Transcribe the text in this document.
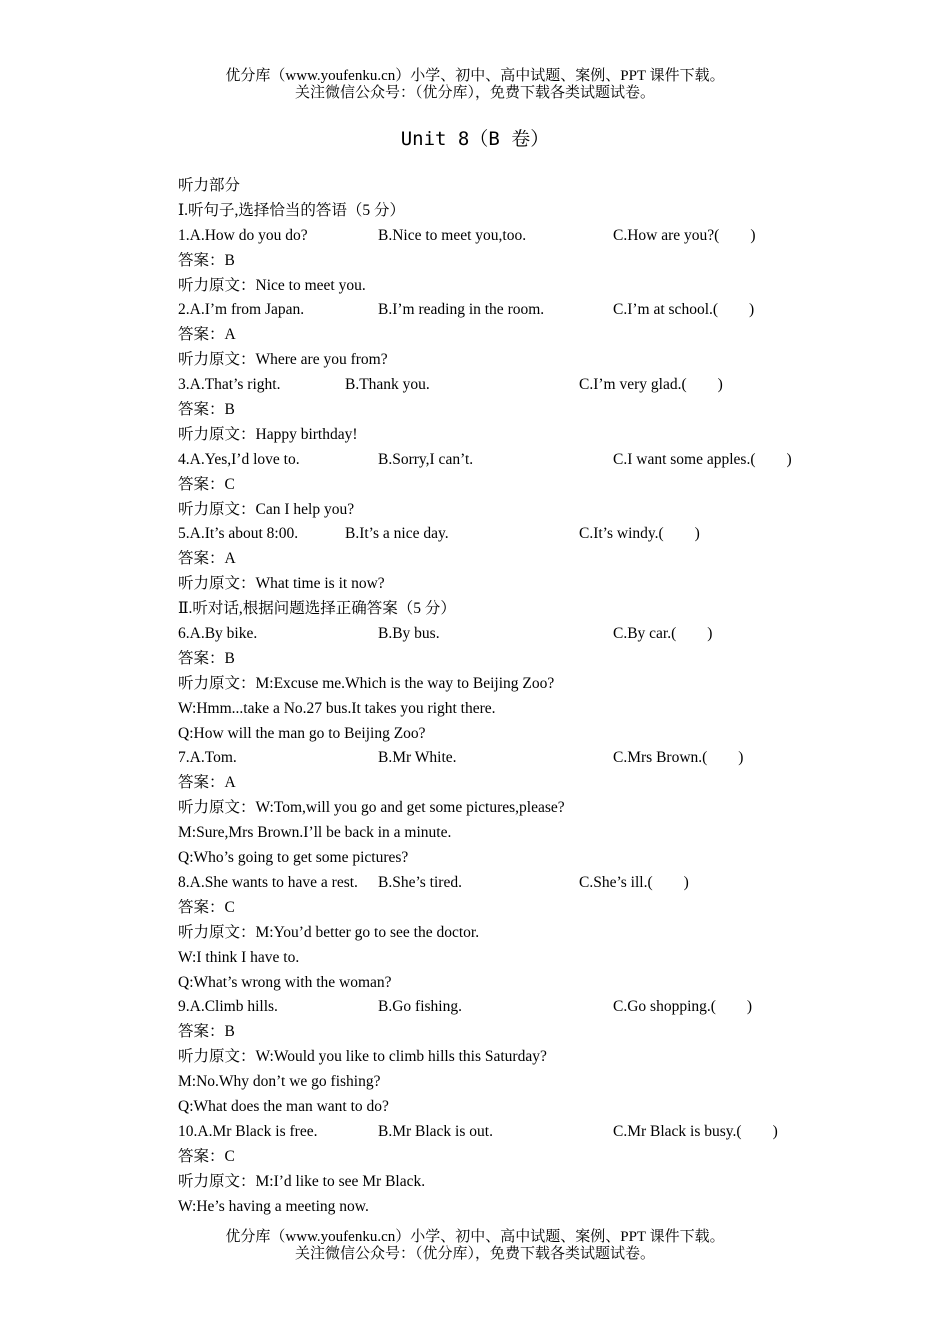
优分库（www.youfenku.cn）小学、初中、高中试题、案例、PPT 课件下载。
关注微信公众号：（优分库），免费下载各类试题试卷。
Unit 8（B 卷）
听力部分
Ⅰ.听句子,选择恰当的答语（5 分）
1.A.How do you do?	B.Nice to meet you,too.	C.How are you?(　　)
答案：B
听力原文：Nice to meet you.
2.A.I’m from Japan.	B.I’m reading in the room.	C.I’m at school.(　　)
答案：A
听力原文：Where are you from?
3.A.That’s right.	B.Thank you.	C.I’m very glad.(　　)
答案：B
听力原文：Happy birthday!
4.A.Yes,I’d love to.	B.Sorry,I can’t.	C.I want some apples.(　　)
答案：C
听力原文：Can I help you?
5.A.It’s about 8:00.	B.It’s a nice day.	C.It’s windy.(　　)
答案：A
听力原文：What time is it now?
Ⅱ.听对话,根据问题选择正确答案（5 分）
6.A.By bike.	B.By bus.	C.By car.(　　)
答案：B
听力原文：M:Excuse me.Which is the way to Beijing Zoo?
W:Hmm...take a No.27 bus.It takes you right there.
Q:How will the man go to Beijing Zoo?
7.A.Tom.	B.Mr White.	C.Mrs Brown.(　　)
答案：A
听力原文：W:Tom,will you go and get some pictures,please?
M:Sure,Mrs Brown.I’ll be back in a minute.
Q:Who’s going to get some pictures?
8.A.She wants to have a rest. B.She’s tired.	C.She’s ill.(　　)
答案：C
听力原文：M:You’d better go to see the doctor.
W:I think I have to.
Q:What’s wrong with the woman?
9.A.Climb hills.	B.Go fishing.	C.Go shopping.(　　)
答案：B
听力原文：W:Would you like to climb hills this Saturday?
M:No.Why don’t we go fishing?
Q:What does the man want to do?
10.A.Mr Black is free.	B.Mr Black is out.	C.Mr Black is busy.(　　)
答案：C
听力原文：M:I’d like to see Mr Black.
W:He’s having a meeting now.
优分库（www.youfenku.cn）小学、初中、高中试题、案例、PPT 课件下载。
关注微信公众号：（优分库），免费下载各类试题试卷。
